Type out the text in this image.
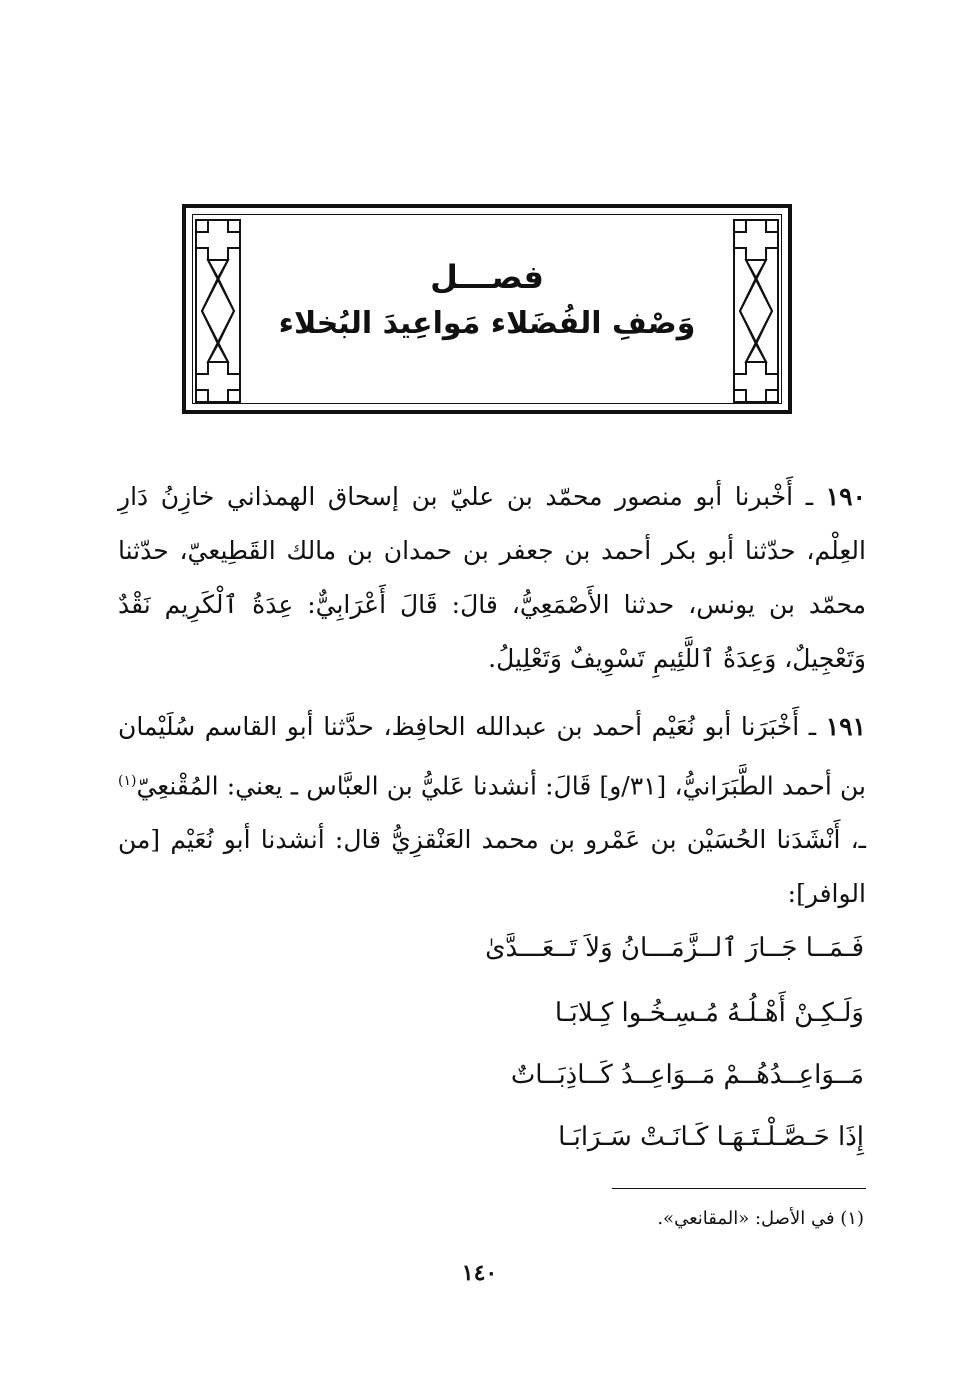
فصـــل
وَصْفِ الفُضَلاء مَواعِيدَ البُخلاء
١٩٠ ـ أَخْبرنا أبو منصور محمّد بن عليّ بن إسحاق الهمذاني خازِنُ دَارِ العِلْم، حدّثنا أبو بكر أحمد بن جعفر بن حمدان بن مالك القَطِيعيّ، حدّثنا محمّد بن يونس، حدثنا الأَصْمَعِيُّ، قالَ: قَالَ أَعْرَابِيٌّ: عِدَةُ ٱلْكَرِيم نَقْدٌ وَتَعْجِيلٌ، وَعِدَةُ ٱللَّئِيمِ تَسْوِيفٌ وَتَعْلِيلُ.
١٩١ ـ أَخْبَرَنا أبو نُعَيْم أحمد بن عبدالله الحافِظ، حدَّثنا أبو القاسم سُلَيْمان بن أحمد الطَّبَرَانيُّ، [٣١/و] قَالَ: أنشدنا عَليُّ بن العبَّاس ـ يعني: المُقْنعِيّ$^{(١)}$ ـ، أَنْشَدَنا الحُسَيْن بن عَمْرو بن محمد العَنْقزِيُّ قال: أنشدنا أبو نُعَيْم [من الوافر]:
فَـمَــا جَــارَ ٱلــزَّمَـــانُ وَلاَ تَــعَـــدَّىٰ
وَلَـكِـنْ أَهْـلُـهُ مُـسِـخُـوا كِـلابَـا
مَــوَاعِــدُهُــمْ مَــوَاعِــدُ كَــاذِبَــاتٌ
إِذَا حَـصَّـلْـتَـهَـا كَـانَـتْ سَـرَابَـا
(١) في الأصل: «المقانعي».
١٤٠
